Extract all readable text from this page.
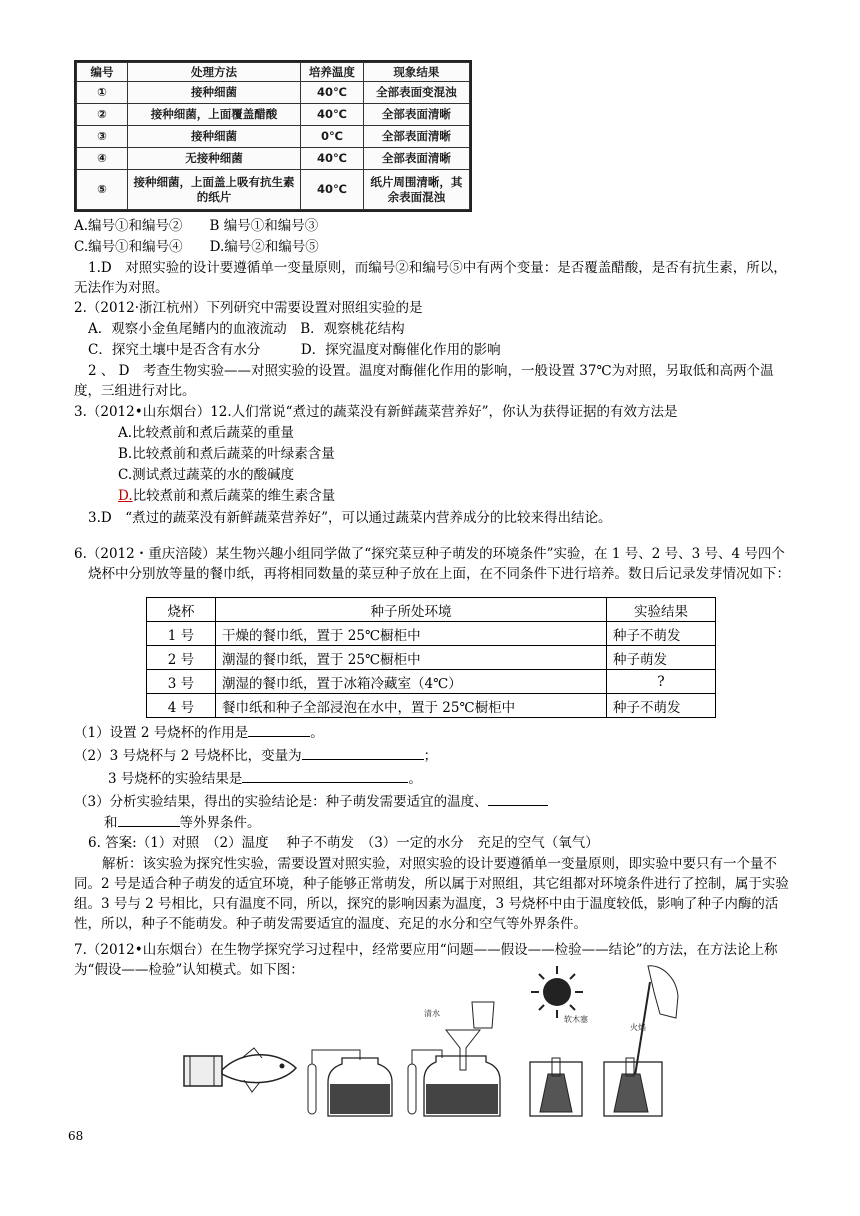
编号	处理方法	培养温度	现象结果
①	接种细菌	40℃	全部表面变混浊
②	接种细菌，上面覆盖醋酸	40℃	全部表面清晰
③	接种细菌	0℃	全部表面清晰
④	无接种细菌	40℃	全部表面清晰
⑤	接种细菌，上面盖上吸有抗生素的纸片	40℃	纸片周围清晰，其余表面混浊
A.编号①和编号②　　B 编号①和编号③
C.编号①和编号④　　D.编号②和编号⑤
1.D　对照实验的设计要遵循单一变量原则，而编号②和编号⑤中有两个变量：是否覆盖醋酸，是否有抗生素，所以，无法作为对照。
2.（2012·浙江杭州）下列研究中需要设置对照组实验的是
A．观察小金鱼尾鳍内的血液流动　B．观察桃花结构
C．探究土壤中是否含有水分　　　D．探究温度对酶催化作用的影响
2 、 D　考查生物实验——对照实验的设置。温度对酶催化作用的影响，一般设置 37℃为对照，另取低和高两个温度，三组进行对比。
3.（2012•山东烟台）12.人们常说“煮过的蔬菜没有新鲜蔬菜营养好”，你认为获得证据的有效方法是
A.比较煮前和煮后蔬菜的重量
B.比较煮前和煮后蔬菜的叶绿素含量
C.测试煮过蔬菜的水的酸碱度
D.比较煮前和煮后蔬菜的维生素含量
3.D　“煮过的蔬菜没有新鲜蔬菜营养好”，可以通过蔬菜内营养成分的比较来得出结论。
6.（2012・重庆涪陵）某生物兴趣小组同学做了“探究菜豆种子萌发的环境条件”实验，在 1 号、2 号、3 号、4 号四个烧杯中分别放等量的餐巾纸，再将相同数量的菜豆种子放在上面，在不同条件下进行培养。数日后记录发芽情况如下：
烧杯	种子所处环境	实验结果
1 号	干燥的餐巾纸，置于 25℃橱柜中	种子不萌发
2 号	潮湿的餐巾纸，置于 25℃橱柜中	种子萌发
3 号	潮湿的餐巾纸，置于冰箱冷藏室（4℃）	?
4 号	餐巾纸和种子全部浸泡在水中，置于 25℃橱柜中	种子不萌发
（1）设置 2 号烧杯的作用是	。
（2）3 号烧杯与 2 号烧杯比，变量为	；
3 号烧杯的实验结果是	。
（3）分析实验结果，得出的实验结论是：种子萌发需要适宜的温度、
和	等外界条件。
6. 答案:（1）对照　（2）温度　 种子不萌发　（3）一定的水分　充足的空气（氧气）
解析：该实验为探究性实验，需要设置对照实验，对照实验的设计要遵循单一变量原则，即实验中要只有一个量不同。2 号是适合种子萌发的适宜环境，种子能够正常萌发，所以属于对照组，其它组都对环境条件进行了控制，属于实验组。3 号与 2 号相比，只有温度不同，所以，探究的影响因素为温度，3 号烧杯中由于温度较低，影响了种子内酶的活性，所以，种子不能萌发。种子萌发需要适宜的温度、充足的水分和空气等外界条件。
7.（2012•山东烟台）在生物学探究学习过程中，经常要应用“问题——假设——检验——结论”的方法，在方法论上称为“假设——检验”认知模式。如下图：
清水
软木塞
火焰
68
